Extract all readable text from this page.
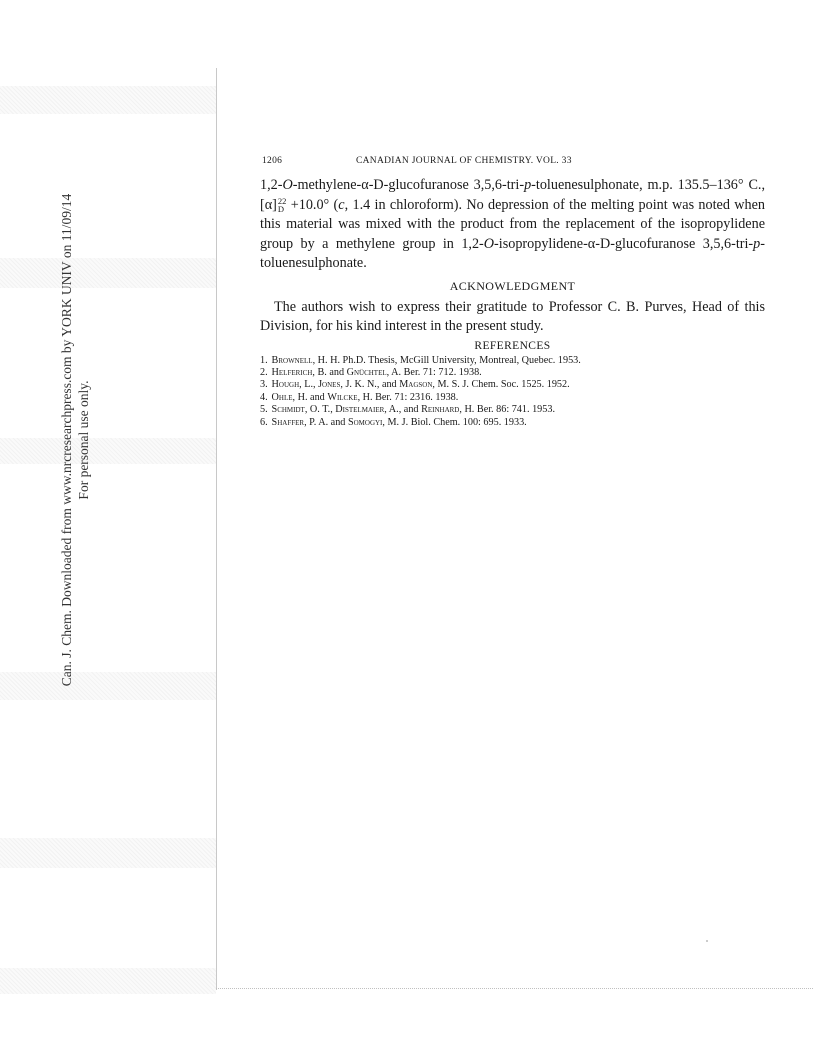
Can. J. Chem. Downloaded from www.nrcresearchpress.com by YORK UNIV on 11/09/14 For personal use only.
1206	CANADIAN JOURNAL OF CHEMISTRY. VOL. 33

1,2-O-methylene-α-D-glucofuranose 3,5,6-tri-p-toluenesulphonate, m.p. 135.5–136° C., [α] 22
D +10.0° (c, 1.4 in chloroform). No depression of the melting point was noted when this material was mixed with the product from the replacement of the isopropylidene group by a methylene group in 1,2-O-isopropylidene-α-D-glucofuranose 3,5,6-tri-p-toluenesulphonate.

ACKNOWLEDGMENT

The authors wish to express their gratitude to Professor C. B. Purves, Head of this Division, for his kind interest in the present study.

REFERENCES
1. Brownell, H. H. Ph.D. Thesis, McGill University, Montreal, Quebec. 1953.
2. Helferich, B. and Gnüchtel, A. Ber. 71: 712. 1938.
3. Hough, L., Jones, J. K. N., and Magson, M. S. J. Chem. Soc. 1525. 1952.
4. Ohle, H. and Wilcke, H. Ber. 71: 2316. 1938.
5. Schmidt, O. T., Distelmaier, A., and Reinhard, H. Ber. 86: 741. 1953.
6. Shaffer, P. A. and Somogyi, M. J. Biol. Chem. 100: 695. 1933.
